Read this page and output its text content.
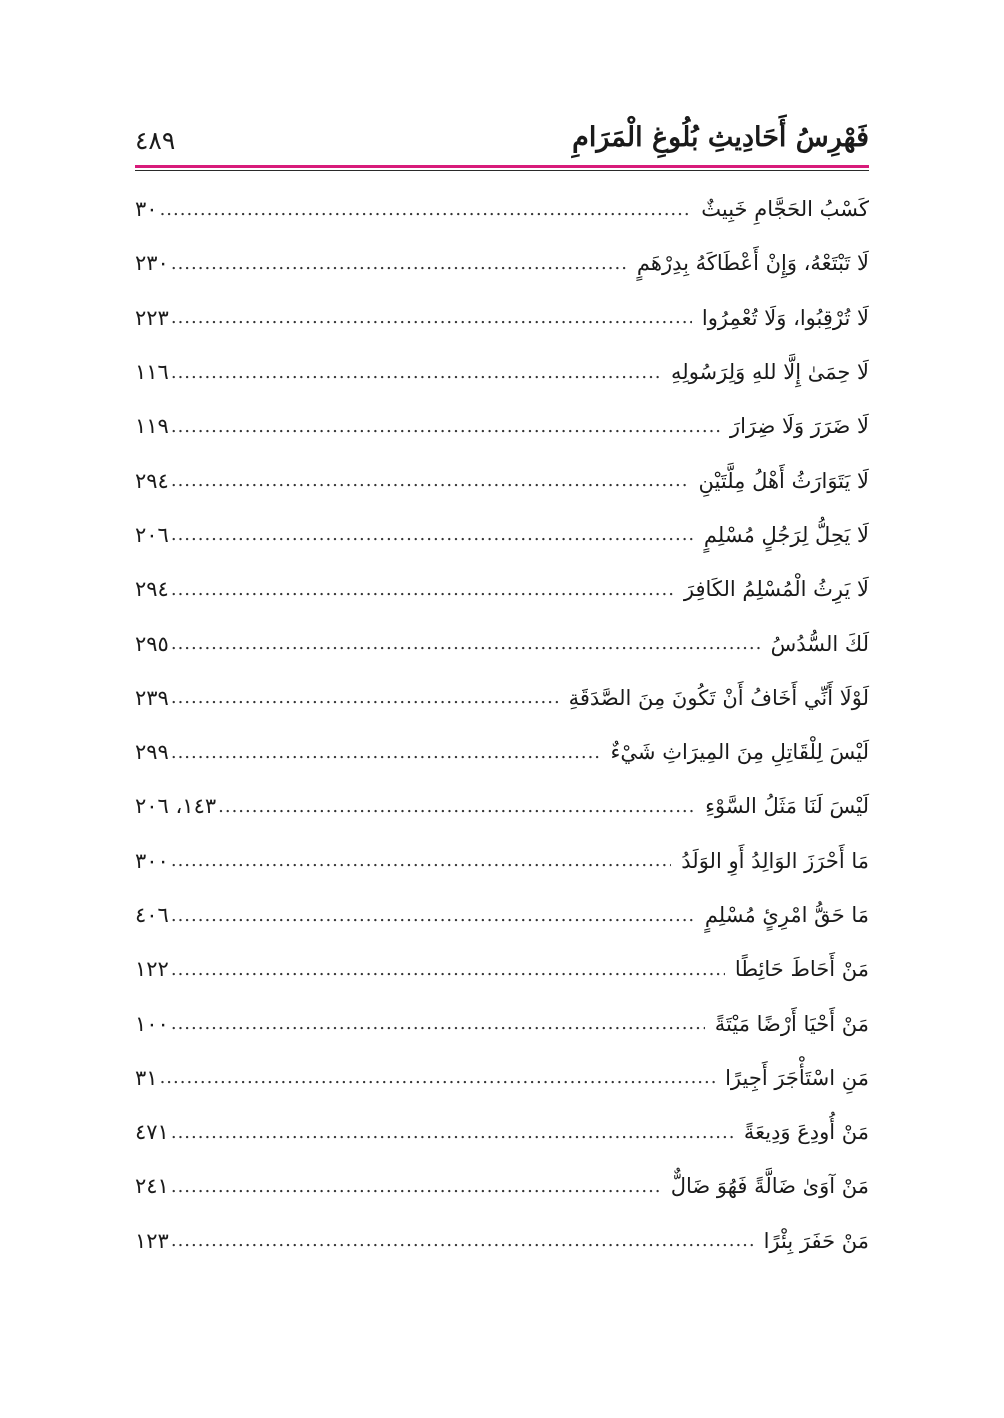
فَهْرِسُ أَحَادِيثِ بُلُوغِ الْمَرَامِ
٤٨٩
كَسْبُ الحَجَّامِ خَبِيثٌ
.....
٣٠
لَا تَبْتَعْهُ، وَإِنْ أَعْطَاكَهُ بِدِرْهَمٍ
.....
٢٣٠
لَا تُرْقِبُوا، وَلَا تُعْمِرُوا
.....
٢٢٣
لَا حِمَىٰ إِلَّا للهِ وَلِرَسُولِهِ
.....
١١٦
لَا ضَرَرَ وَلَا ضِرَارَ
.....
١١٩
لَا يَتَوَارَثُ أَهْلُ مِلَّتَيْنِ
.....
٢٩٤
لَا يَحِلُّ لِرَجُلٍ مُسْلِمٍ
.....
٢٠٦
لَا يَرِثُ الْمُسْلِمُ الكَافِرَ
.....
٢٩٤
لَكَ السُّدُسُ
.....
٢٩٥
لَوْلَا أَنِّي أَخَافُ أَنْ تَكُونَ مِنَ الصَّدَقَةِ
.....
٢٣٩
لَيْسَ لِلْقَاتِلِ مِنَ المِيرَاثِ شَيْءٌ
.....
٢٩٩
لَيْسَ لَنَا مَثَلُ السَّوْءِ
.....
١٤٣، ٢٠٦
مَا أَحْرَزَ الوَالِدُ أَوِ الوَلَدُ
.....
٣٠٠
مَا حَقُّ امْرِئٍ مُسْلِمٍ
.....
٤٠٦
مَنْ أَحَاطَ حَائِطًا
.....
١٢٢
مَنْ أَحْيَا أَرْضًا مَيْتَةً
.....
١٠٠
مَنِ اسْتَأْجَرَ أَجِيرًا
.....
٣١
مَنْ أُودِعَ وَدِيعَةً
.....
٤٧١
مَنْ آوَىٰ ضَالَّةً فَهُوَ ضَالٌّ
.....
٢٤١
مَنْ حَفَرَ بِئْرًا
.....
١٢٣
